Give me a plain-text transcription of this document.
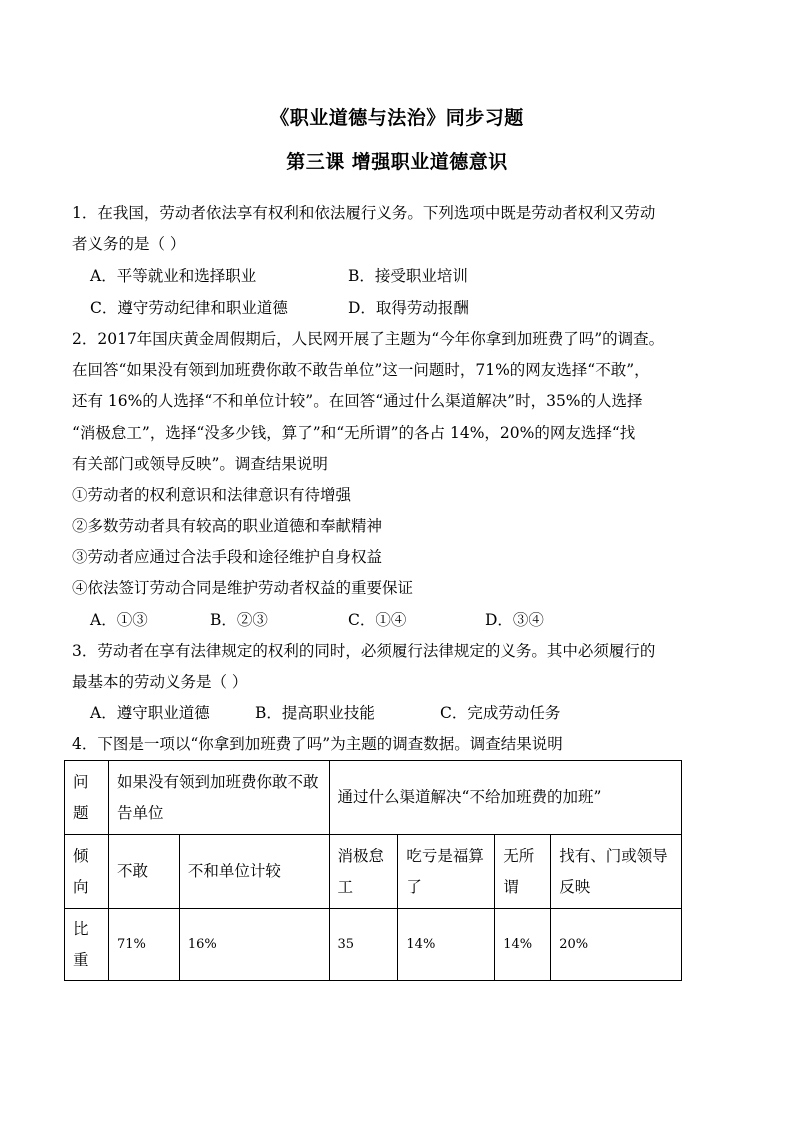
《职业道德与法治》同步习题
第三课 增强职业道德意识
1．在我国，劳动者依法享有权利和依法履行义务。下列选项中既是劳动者权利又劳动
者义务的是（ ）
A．平等就业和选择职业	B．接受职业培训
C．遵守劳动纪律和职业道德	D．取得劳动报酬
2．2017年国庆黄金周假期后，人民网开展了主题为“今年你拿到加班费了吗”的调查。
在回答“如果没有领到加班费你敢不敢告单位”这一问题时，71%的网友选择“不敢”，
还有 16%的人选择“不和单位计较”。在回答“通过什么渠道解决”时，35%的人选择
“消极怠工”，选择“没多少钱，算了”和“无所谓”的各占 14%，20%的网友选择“找
有关部门或领导反映”。调查结果说明
①劳动者的权利意识和法律意识有待增强
②多数劳动者具有较高的职业道德和奉献精神
③劳动者应通过合法手段和途径维护自身权益
④依法签订劳动合同是维护劳动者权益的重要保证
A．①③	B．②③	C．①④	D．③④
3．劳动者在享有法律规定的权利的同时，必须履行法律规定的义务。其中必须履行的
最基本的劳动义务是（ ）
A．遵守职业道德	B．提高职业技能	C．完成劳动任务
4．下图是一项以“你拿到加班费了吗”为主题的调查数据。调查结果说明
问题	如果没有领到加班费你敢不敢告单位		通过什么渠道解决“不给加班费的加班”			
倾向	不敢	不和单位计较	消极怠工	吃亏是福算了	无所谓	找有、门或领导反映
比重	71%	16%	35	14%	14%	20%
